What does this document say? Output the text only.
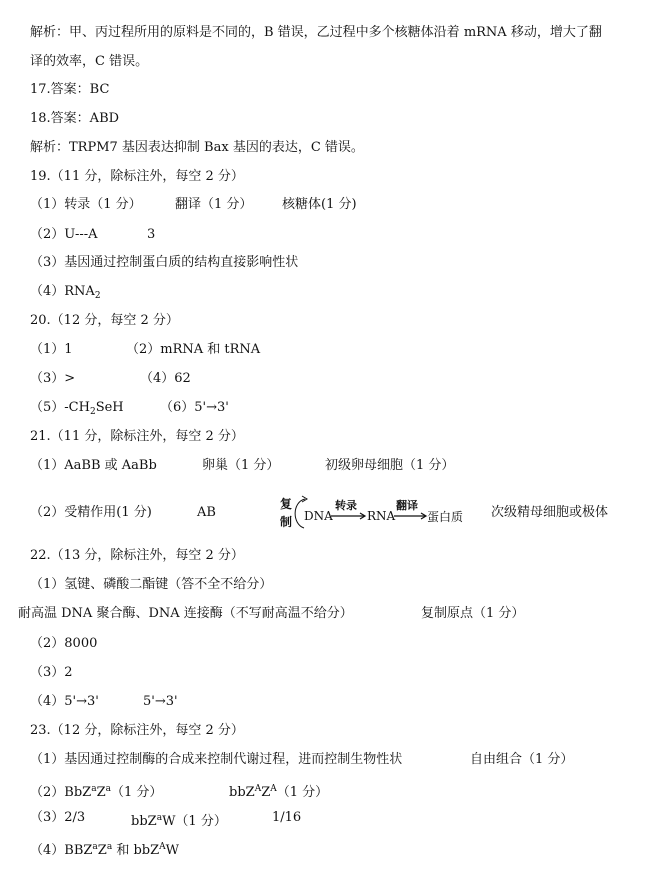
解析：甲、丙过程所用的原料是不同的，B 错误，乙过程中多个核糖体沿着 mRNA 移动，增大了翻
译的效率，C 错误。
17.答案：BC
18.答案：ABD
解析：TRPM7 基因表达抑制 Bax 基因的表达，C 错误。
19.（11 分，除标注外，每空 2 分）
（1）转录（1 分）	翻译（1 分） 核糖体(1 分)
（2）U---A	3
（3）基因通过控制蛋白质的结构直接影响性状
$(4)RNA_2$
20.（12 分，每空 2 分）
（1）1	（2）mRNA 和 tRNA
（3）>	（4）62
$(5)-CH_2SeH$	（6）5'→3'
21.（11 分，除标注外，每空 2 分）
（1）AaBB 或 AaBb	卵巢（1 分）	初级卵母细胞（1 分）
（2）受精作用(1 分)	AB
复
制 DNA
转录
RNA
翻译
蛋白质 次级精母细胞或极体
22.（13 分，除标注外，每空 2 分）
（1）氢键、磷酸二酯键（答不全不给分）
耐高温 DNA 聚合酶、DNA 连接酶（不写耐高温不给分）	复制原点（1 分）
（2）8000
（3）2
（4）5'→3'	5'→3'
23.（12 分，除标注外，每空 2 分）
（1）基因通过控制酶的合成来控制代谢过程，进而控制生物性状	自由组合（1 分）
$(2)BbZ^aZ^a(1$ 分）	$bbZ^AZ^A(1$ 分）
（3）2/3	bbZ$^a$W（1 分）	1/16
$(4)BBZ^aZ^a$ 和 bbZ$^A$W
